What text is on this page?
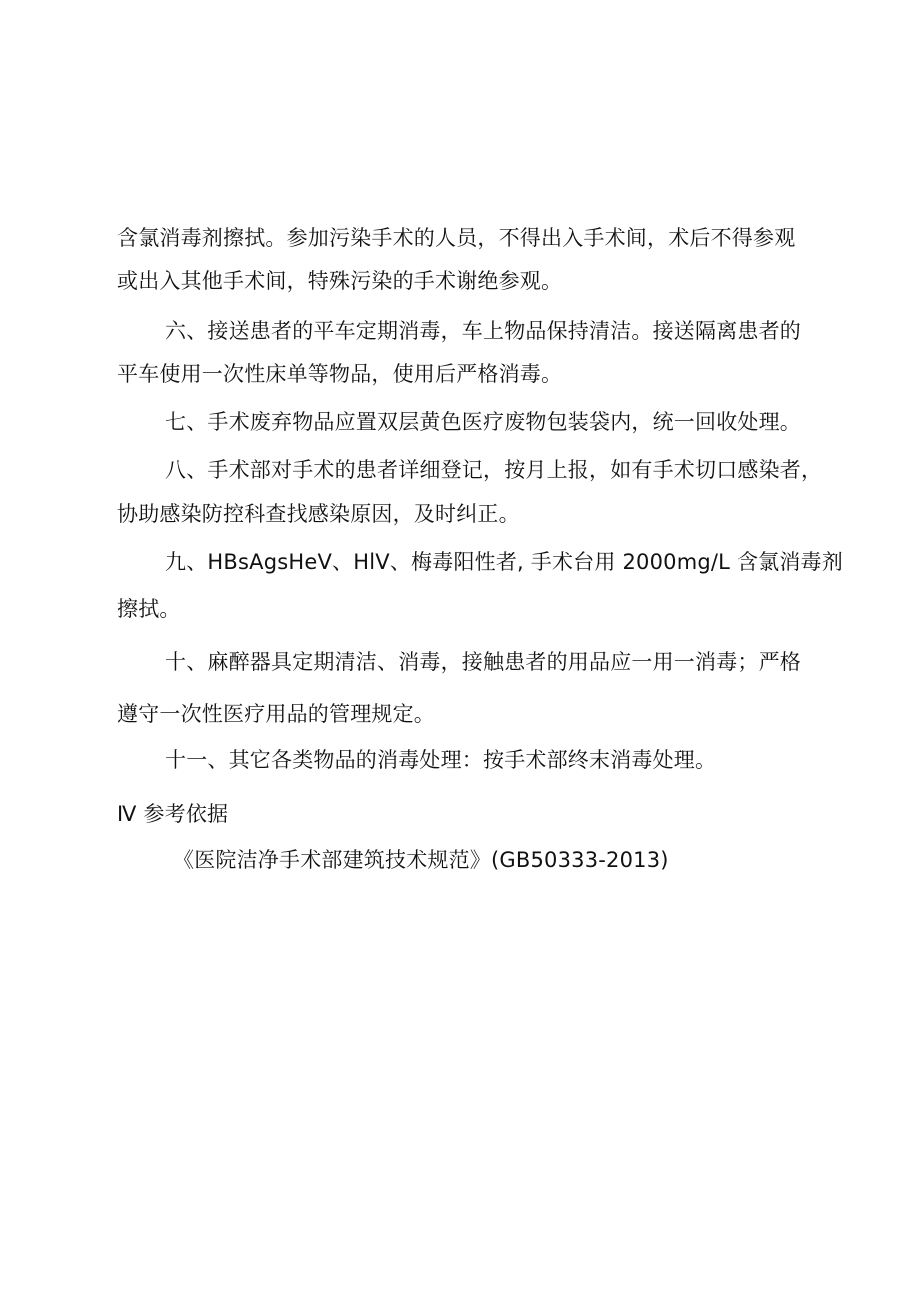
含氯消毒剂擦拭。参加污染手术的人员，不得出入手术间，术后不得参观
或出入其他手术间，特殊污染的手术谢绝参观。
六、接送患者的平车定期消毒，车上物品保持清洁。接送隔离患者的
平车使用一次性床单等物品，使用后严格消毒。
七、手术废弃物品应置双层黄色医疗废物包装袋内，统一回收处理。
八、手术部对手术的患者详细登记，按月上报，如有手术切口感染者，
协助感染防控科查找感染原因，及时纠正。
九、HBsAgsHeV、HlV、梅毒阳性者, 手术台用 2000mg/L 含氯消毒剂
擦拭。
十、麻醉器具定期清洁、消毒，接触患者的用品应一用一消毒；严格
遵守一次性医疗用品的管理规定。
十一、其它各类物品的消毒处理：按手术部终末消毒处理。
Ⅳ 参考依据
《医院洁净手术部建筑技术规范》(GB50333-2013)
